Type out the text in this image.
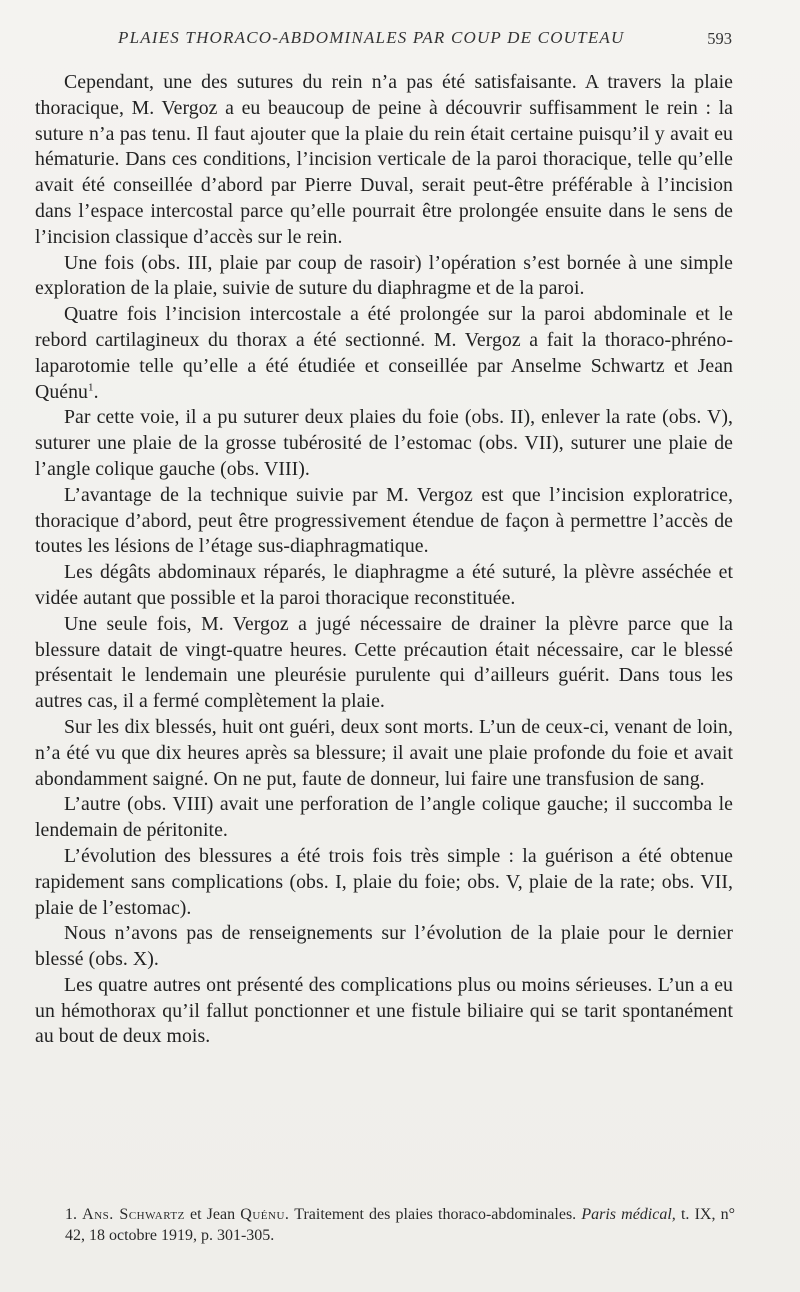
PLAIES THORACO-ABDOMINALES PAR COUP DE COUTEAU	593

Cependant, une des sutures du rein n’a pas été satisfaisante. A travers la plaie thoracique, M. Vergoz a eu beaucoup de peine à découvrir suffisamment le rein : la suture n’a pas tenu. Il faut ajouter que la plaie du rein était certaine puisqu’il y avait eu hématurie. Dans ces conditions, l’incision verticale de la paroi thoracique, telle qu’elle avait été conseillée d’abord par Pierre Duval, serait peut-être préférable à l’incision dans l’espace intercostal parce qu’elle pourrait être prolongée ensuite dans le sens de l’incision classique d’accès sur le rein.

Une fois (obs. III, plaie par coup de rasoir) l’opération s’est bornée à une simple exploration de la plaie, suivie de suture du diaphragme et de la paroi.

Quatre fois l’incision intercostale a été prolongée sur la paroi abdominale et le rebord cartilagineux du thorax a été sectionné. M. Vergoz a fait la thoraco-phréno-laparotomie telle qu’elle a été étudiée et conseillée par Anselme Schwartz et Jean Quénu$^1$.

Par cette voie, il a pu suturer deux plaies du foie (obs. II), enlever la rate (obs. V), suturer une plaie de la grosse tubérosité de l’estomac (obs. VII), suturer une plaie de l’angle colique gauche (obs. VIII).

L’avantage de la technique suivie par M. Vergoz est que l’incision exploratrice, thoracique d’abord, peut être progressivement étendue de façon à permettre l’accès de toutes les lésions de l’étage sus-diaphragmatique.

Les dégâts abdominaux réparés, le diaphragme a été suturé, la plèvre asséchée et vidée autant que possible et la paroi thoracique reconstituée.

Une seule fois, M. Vergoz a jugé nécessaire de drainer la plèvre parce que la blessure datait de vingt-quatre heures. Cette précaution était nécessaire, car le blessé présentait le lendemain une pleurésie purulente qui d’ailleurs guérit. Dans tous les autres cas, il a fermé complètement la plaie.

Sur les dix blessés, huit ont guéri, deux sont morts. L’un de ceux-ci, venant de loin, n’a été vu que dix heures après sa blessure; il avait une plaie profonde du foie et avait abondamment saigné. On ne put, faute de donneur, lui faire une transfusion de sang.

L’autre (obs. VIII) avait une perforation de l’angle colique gauche; il succomba le lendemain de péritonite.

L’évolution des blessures a été trois fois très simple : la guérison a été obtenue rapidement sans complications (obs. I, plaie du foie; obs. V, plaie de la rate; obs. VII, plaie de l’estomac).

Nous n’avons pas de renseignements sur l’évolution de la plaie pour le dernier blessé (obs. X).

Les quatre autres ont présenté des complications plus ou moins sérieuses. L’un a eu un hémothorax qu’il fallut ponctionner et une fistule biliaire qui se tarit spontanément au bout de deux mois.

1. Ans. Schwartz et Jean Quénu. Traitement des plaies thoraco-abdominales. Paris médical, t. IX, n° 42, 18 octobre 1919, p. 301-305.
